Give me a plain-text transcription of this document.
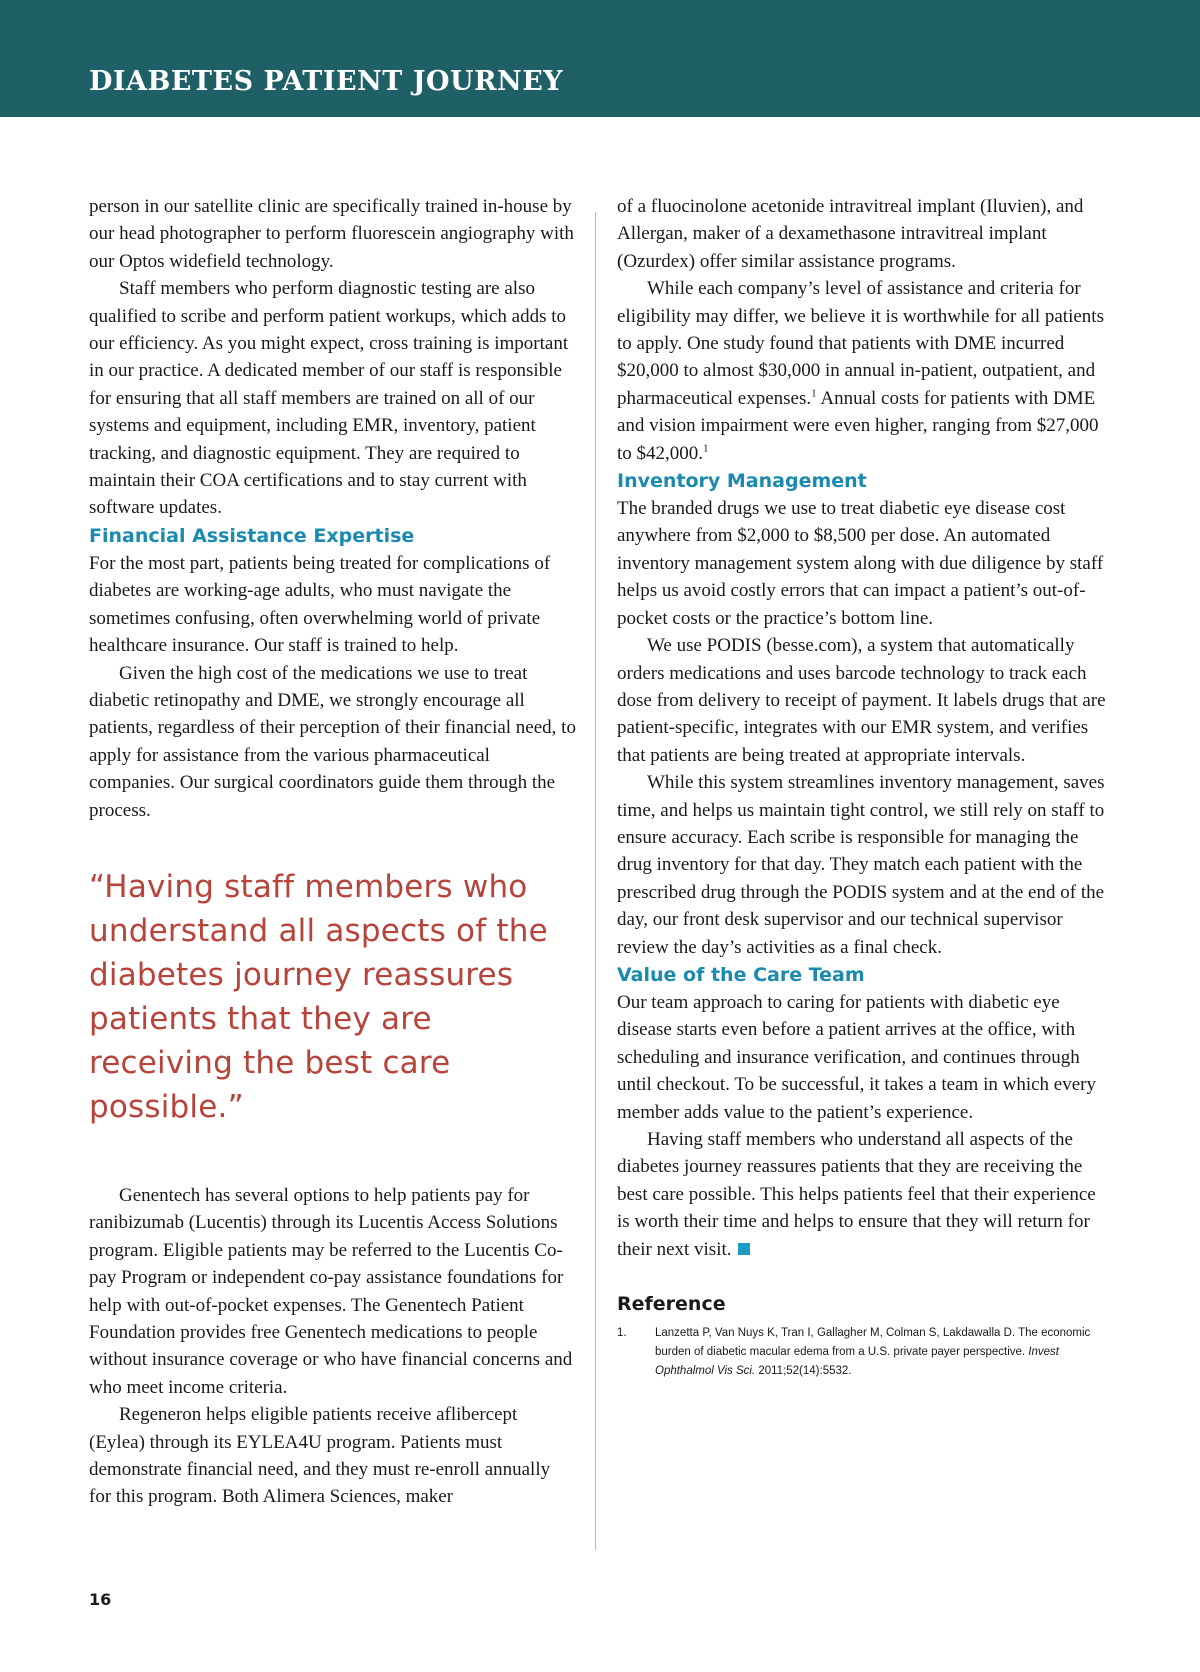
DIABETES PATIENT JOURNEY

person in our satellite clinic are specifically trained in-house by our head photographer to perform fluorescein angiography with our Optos widefield technology.

Staff members who perform diagnostic testing are also qualified to scribe and perform patient workups, which adds to our efficiency. As you might expect, cross training is important in our practice. A dedicated member of our staff is responsible for ensuring that all staff members are trained on all of our systems and equipment, including EMR, inventory, patient tracking, and diagnostic equipment. They are required to maintain their COA certifications and to stay current with software updates.

Financial Assistance Expertise

For the most part, patients being treated for complications of diabetes are working-age adults, who must navigate the sometimes confusing, often overwhelming world of private healthcare insurance. Our staff is trained to help.

Given the high cost of the medications we use to treat diabetic retinopathy and DME, we strongly encourage all patients, regardless of their perception of their financial need, to apply for assistance from the various pharmaceutical companies. Our surgical coordinators guide them through the process.

“Having staff members who understand all aspects of the diabetes journey reassures patients that they are receiving the best care possible.”

Genentech has several options to help patients pay for ranibizumab (Lucentis) through its Lucentis Access Solutions program. Eligible patients may be referred to the Lucentis Co-pay Program or independent co-pay assistance foundations for help with out-of-pocket expenses. The Genentech Patient Foundation provides free Genentech medications to people without insurance coverage or who have financial concerns and who meet income criteria.

Regeneron helps eligible patients receive aflibercept (Eylea) through its EYLEA4U program. Patients must demonstrate financial need, and they must re-enroll annually for this program. Both Alimera Sciences, maker

of a fluocinolone acetonide intravitreal implant (Iluvien), and Allergan, maker of a dexamethasone intravitreal implant (Ozurdex) offer similar assistance programs.

While each company’s level of assistance and criteria for eligibility may differ, we believe it is worthwhile for all patients to apply. One study found that patients with DME incurred $20,000 to almost $30,000 in annual in-patient, outpatient, and pharmaceutical expenses.$^1$ Annual costs for patients with DME and vision impairment were even higher, ranging from $27,000 to $42,000.$^1$

Inventory Management

The branded drugs we use to treat diabetic eye disease cost anywhere from $2,000 to $8,500 per dose. An automated inventory management system along with due diligence by staff helps us avoid costly errors that can impact a patient’s out-of-pocket costs or the practice’s bottom line.

We use PODIS (besse.com), a system that automatically orders medications and uses barcode technology to track each dose from delivery to receipt of payment. It labels drugs that are patient-specific, integrates with our EMR system, and verifies that patients are being treated at appropriate intervals.

While this system streamlines inventory management, saves time, and helps us maintain tight control, we still rely on staff to ensure accuracy. Each scribe is responsible for managing the drug inventory for that day. They match each patient with the prescribed drug through the PODIS system and at the end of the day, our front desk supervisor and our technical supervisor review the day’s activities as a final check.

Value of the Care Team

Our team approach to caring for patients with diabetic eye disease starts even before a patient arrives at the office, with scheduling and insurance verification, and continues through until checkout. To be successful, it takes a team in which every member adds value to the patient’s experience.

Having staff members who understand all aspects of the diabetes journey reassures patients that they are receiving the best care possible. This helps patients feel that their experience is worth their time and helps to ensure that they will return for their next visit.

Reference
1.	Lanzetta P, Van Nuys K, Tran I, Gallagher M, Colman S, Lakdawalla D. The economic burden of diabetic macular edema from a U.S. private payer perspective. Invest Ophthalmol Vis Sci. 2011;52(14):5532.

16
